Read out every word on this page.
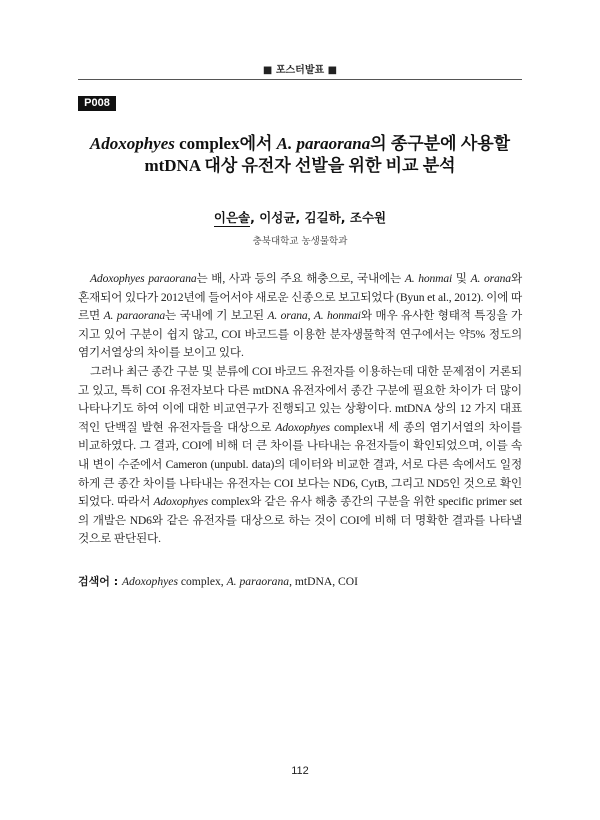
■ 포스터발표 ■
P008
Adoxophyes complex에서 A. paraorana의 종구분에 사용할
mtDNA 대상 유전자 선발을 위한 비교 분석
이은솔, 이성균, 김길하, 조수원
충북대학교 농생물학과

Adoxophyes paraorana는 배, 사과 등의 주요 해충으로, 국내에는 A. honmai 및 A. orana와 혼재되어 있다가 2012년에 들어서야 새로운 신종으로 보고되었다 (Byun et al., 2012). 이에 따르면 A. paraorana는 국내에 기 보고된 A. orana, A. honmai와 매우 유사한 형태적 특징을 가지고 있어 구분이 쉽지 않고, COI 바코드를 이용한 분자생물학적 연구에서는 약5% 정도의 염기서열상의 차이를 보이고 있다.

그러나 최근 종간 구분 및 분류에 COI 바코드 유전자를 이용하는데 대한 문제점이 거론되고 있고, 특히 COI 유전자보다 다른 mtDNA 유전자에서 종간 구분에 필요한 차이가 더 많이 나타나기도 하여 이에 대한 비교연구가 진행되고 있는 상황이다. mtDNA 상의 12 가지 대표적인 단백질 발현 유전자들을 대상으로 Adoxophyes complex내 세 종의 염기서열의 차이를 비교하였다. 그 결과, COI에 비해 더 큰 차이를 나타내는 유전자들이 확인되었으며, 이를 속내 변이 수준에서 Cameron (unpubl. data)의 데이터와 비교한 결과, 서로 다른 속에서도 일정하게 큰 종간 차이를 나타내는 유전자는 COI 보다는 ND6, CytB, 그리고 ND5인 것으로 확인되었다. 따라서 Adoxophyes complex와 같은 유사 해충 종간의 구분을 위한 specific primer set의 개발은 ND6와 같은 유전자를 대상으로 하는 것이 COI에 비해 더 명확한 결과를 나타낼 것으로 판단된다.

검색어 : Adoxophyes complex, A. paraorana, mtDNA, COI
112
